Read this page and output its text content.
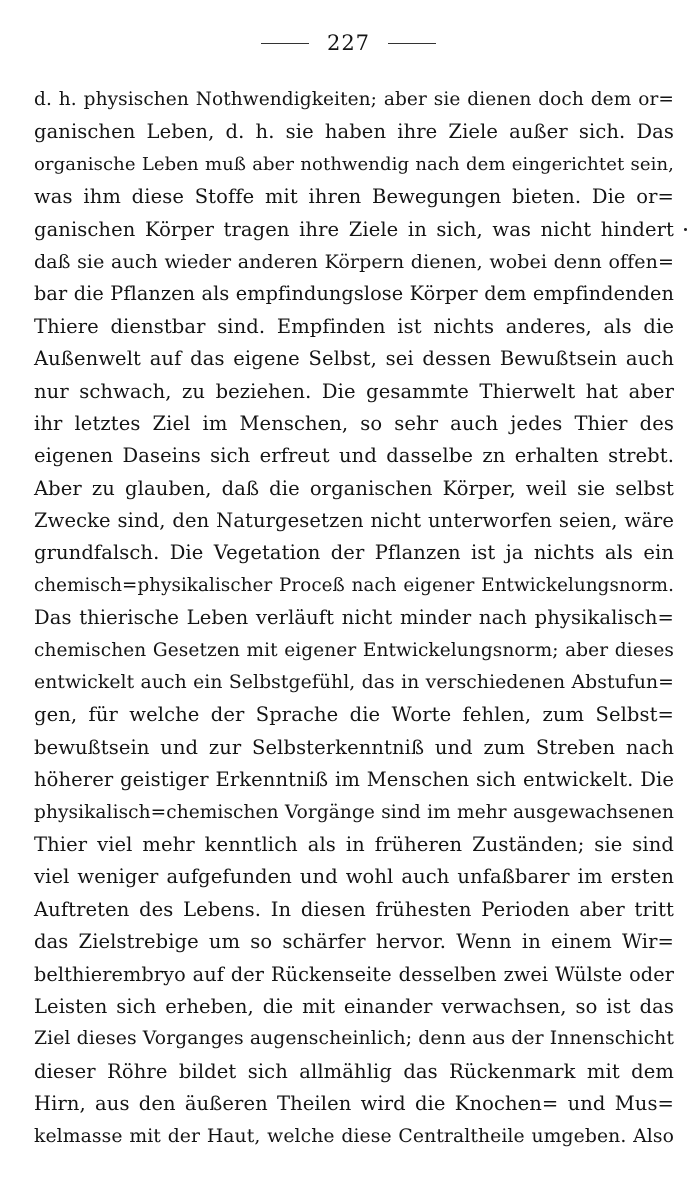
227
d. h. physischen Nothwendigkeiten; aber sie dienen doch dem or=
ganischen Leben, d. h. sie haben ihre Ziele außer sich. Das
organische Leben muß aber nothwendig nach dem eingerichtet sein,
was ihm diese Stoffe mit ihren Bewegungen bieten. Die or=
ganischen Körper tragen ihre Ziele in sich, was nicht hindert
daß sie auch wieder anderen Körpern dienen, wobei denn offen=
bar die Pflanzen als empfindungslose Körper dem empfindenden
Thiere dienstbar sind. Empfinden ist nichts anderes, als die
Außenwelt auf das eigene Selbst, sei dessen Bewußtsein auch
nur schwach, zu beziehen. Die gesammte Thierwelt hat aber
ihr letztes Ziel im Menschen, so sehr auch jedes Thier des
eigenen Daseins sich erfreut und dasselbe zn erhalten strebt.
Aber zu glauben, daß die organischen Körper, weil sie selbst
Zwecke sind, den Naturgesetzen nicht unterworfen seien, wäre
grundfalsch. Die Vegetation der Pflanzen ist ja nichts als ein
chemisch=physikalischer Proceß nach eigener Entwickelungsnorm.
Das thierische Leben verläuft nicht minder nach physikalisch=
chemischen Gesetzen mit eigener Entwickelungsnorm; aber dieses
entwickelt auch ein Selbstgefühl, das in verschiedenen Abstufun=
gen, für welche der Sprache die Worte fehlen, zum Selbst=
bewußtsein und zur Selbsterkenntniß und zum Streben nach
höherer geistiger Erkenntniß im Menschen sich entwickelt. Die
physikalisch=chemischen Vorgänge sind im mehr ausgewachsenen
Thier viel mehr kenntlich als in früheren Zuständen; sie sind
viel weniger aufgefunden und wohl auch unfaßbarer im ersten
Auftreten des Lebens. In diesen frühesten Perioden aber tritt
das Zielstrebige um so schärfer hervor. Wenn in einem Wir=
belthierembryo auf der Rückenseite desselben zwei Wülste oder
Leisten sich erheben, die mit einander verwachsen, so ist das
Ziel dieses Vorganges augenscheinlich; denn aus der Innenschicht
dieser Röhre bildet sich allmählig das Rückenmark mit dem
Hirn, aus den äußeren Theilen wird die Knochen= und Mus=
kelmasse mit der Haut, welche diese Centraltheile umgeben. Also
